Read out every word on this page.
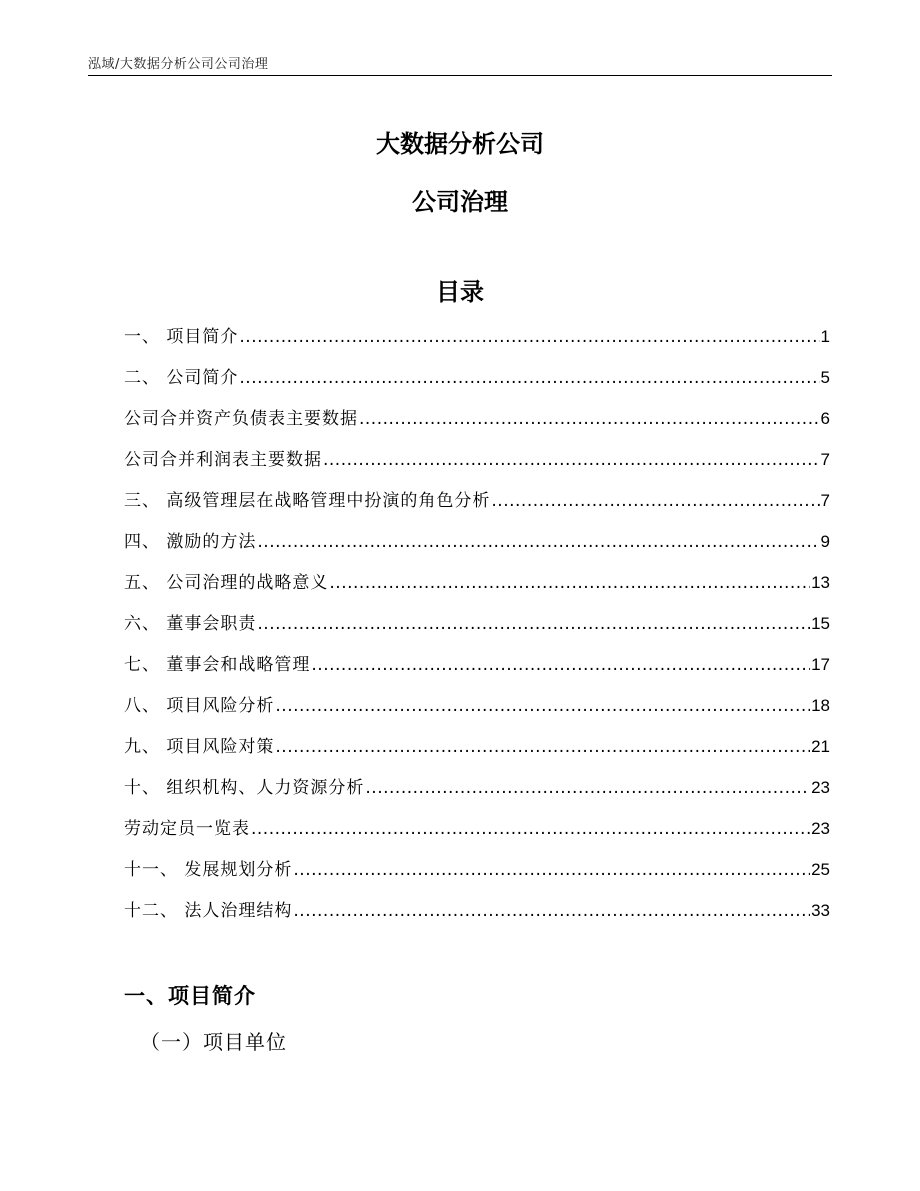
泓域/大数据分析公司公司治理
大数据分析公司
公司治理
目录
一、 项目简介 .....	1
二、 公司简介 .....	5
公司合并资产负债表主要数据 .....	6
公司合并利润表主要数据 .....	7
三、 高级管理层在战略管理中扮演的角色分析 .....	7
四、 激励的方法 .....	9
五、 公司治理的战略意义 .....	13
六、 董事会职责 .....	15
七、 董事会和战略管理 .....	17
八、 项目风险分析 .....	18
九、 项目风险对策 .....	21
十、 组织机构、人力资源分析 .....	23
劳动定员一览表 .....	23
十一、 发展规划分析 .....	25
十二、 法人治理结构 .....	33
一、项目简介
（一）项目单位
